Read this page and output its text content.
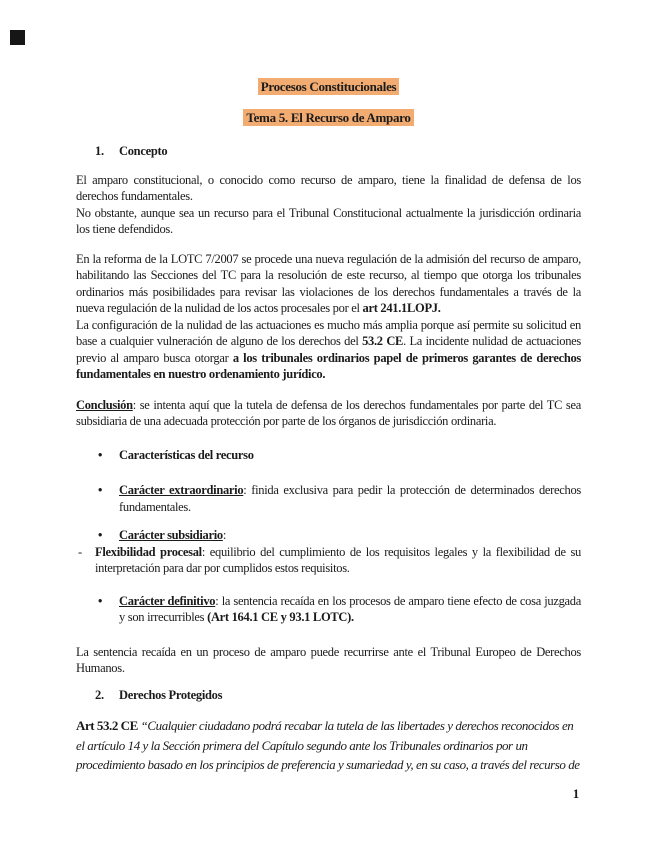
Procesos Constitucionales
Tema 5. El Recurso de Amparo
1. Concepto
El amparo constitucional, o conocido como recurso de amparo, tiene la finalidad de defensa de los derechos fundamentales.
No obstante, aunque sea un recurso para el Tribunal Constitucional actualmente la jurisdicción ordinaria los tiene defendidos.
En la reforma de la LOTC 7/2007 se procede una nueva regulación de la admisión del recurso de amparo, habilitando las Secciones del TC para la resolución de este recurso, al tiempo que otorga los tribunales ordinarios más posibilidades para revisar las violaciones de los derechos fundamentales a través de la nueva regulación de la nulidad de los actos procesales por el art 241.1LOPJ.
La configuración de la nulidad de las actuaciones es mucho más amplia porque así permite su solicitud en base a cualquier vulneración de alguno de los derechos del 53.2 CE. La incidente nulidad de actuaciones previo al amparo busca otorgar a los tribunales ordinarios papel de primeros garantes de derechos fundamentales en nuestro ordenamiento jurídico.
Conclusión: se intenta aquí que la tutela de defensa de los derechos fundamentales por parte del TC sea subsidiaria de una adecuada protección por parte de los órganos de jurisdicción ordinaria.
• Características del recurso
• Carácter extraordinario: finida exclusiva para pedir la protección de determinados derechos fundamentales.
• Carácter subsidiario:
- Flexibilidad procesal: equilibrio del cumplimiento de los requisitos legales y la flexibilidad de su interpretación para dar por cumplidos estos requisitos.
• Carácter definitivo: la sentencia recaída en los procesos de amparo tiene efecto de cosa juzgada y son irrecurribles (Art 164.1 CE y 93.1 LOTC).
La sentencia recaída en un proceso de amparo puede recurrirse ante el Tribunal Europeo de Derechos Humanos.
2. Derechos Protegidos
Art 53.2 CE “Cualquier ciudadano podrá recabar la tutela de las libertades y derechos reconocidos en
el artículo 14 y la Sección primera del Capítulo segundo ante los Tribunales ordinarios por un
procedimiento basado en los principios de preferencia y sumariedad y, en su caso, a través del recurso de
1
